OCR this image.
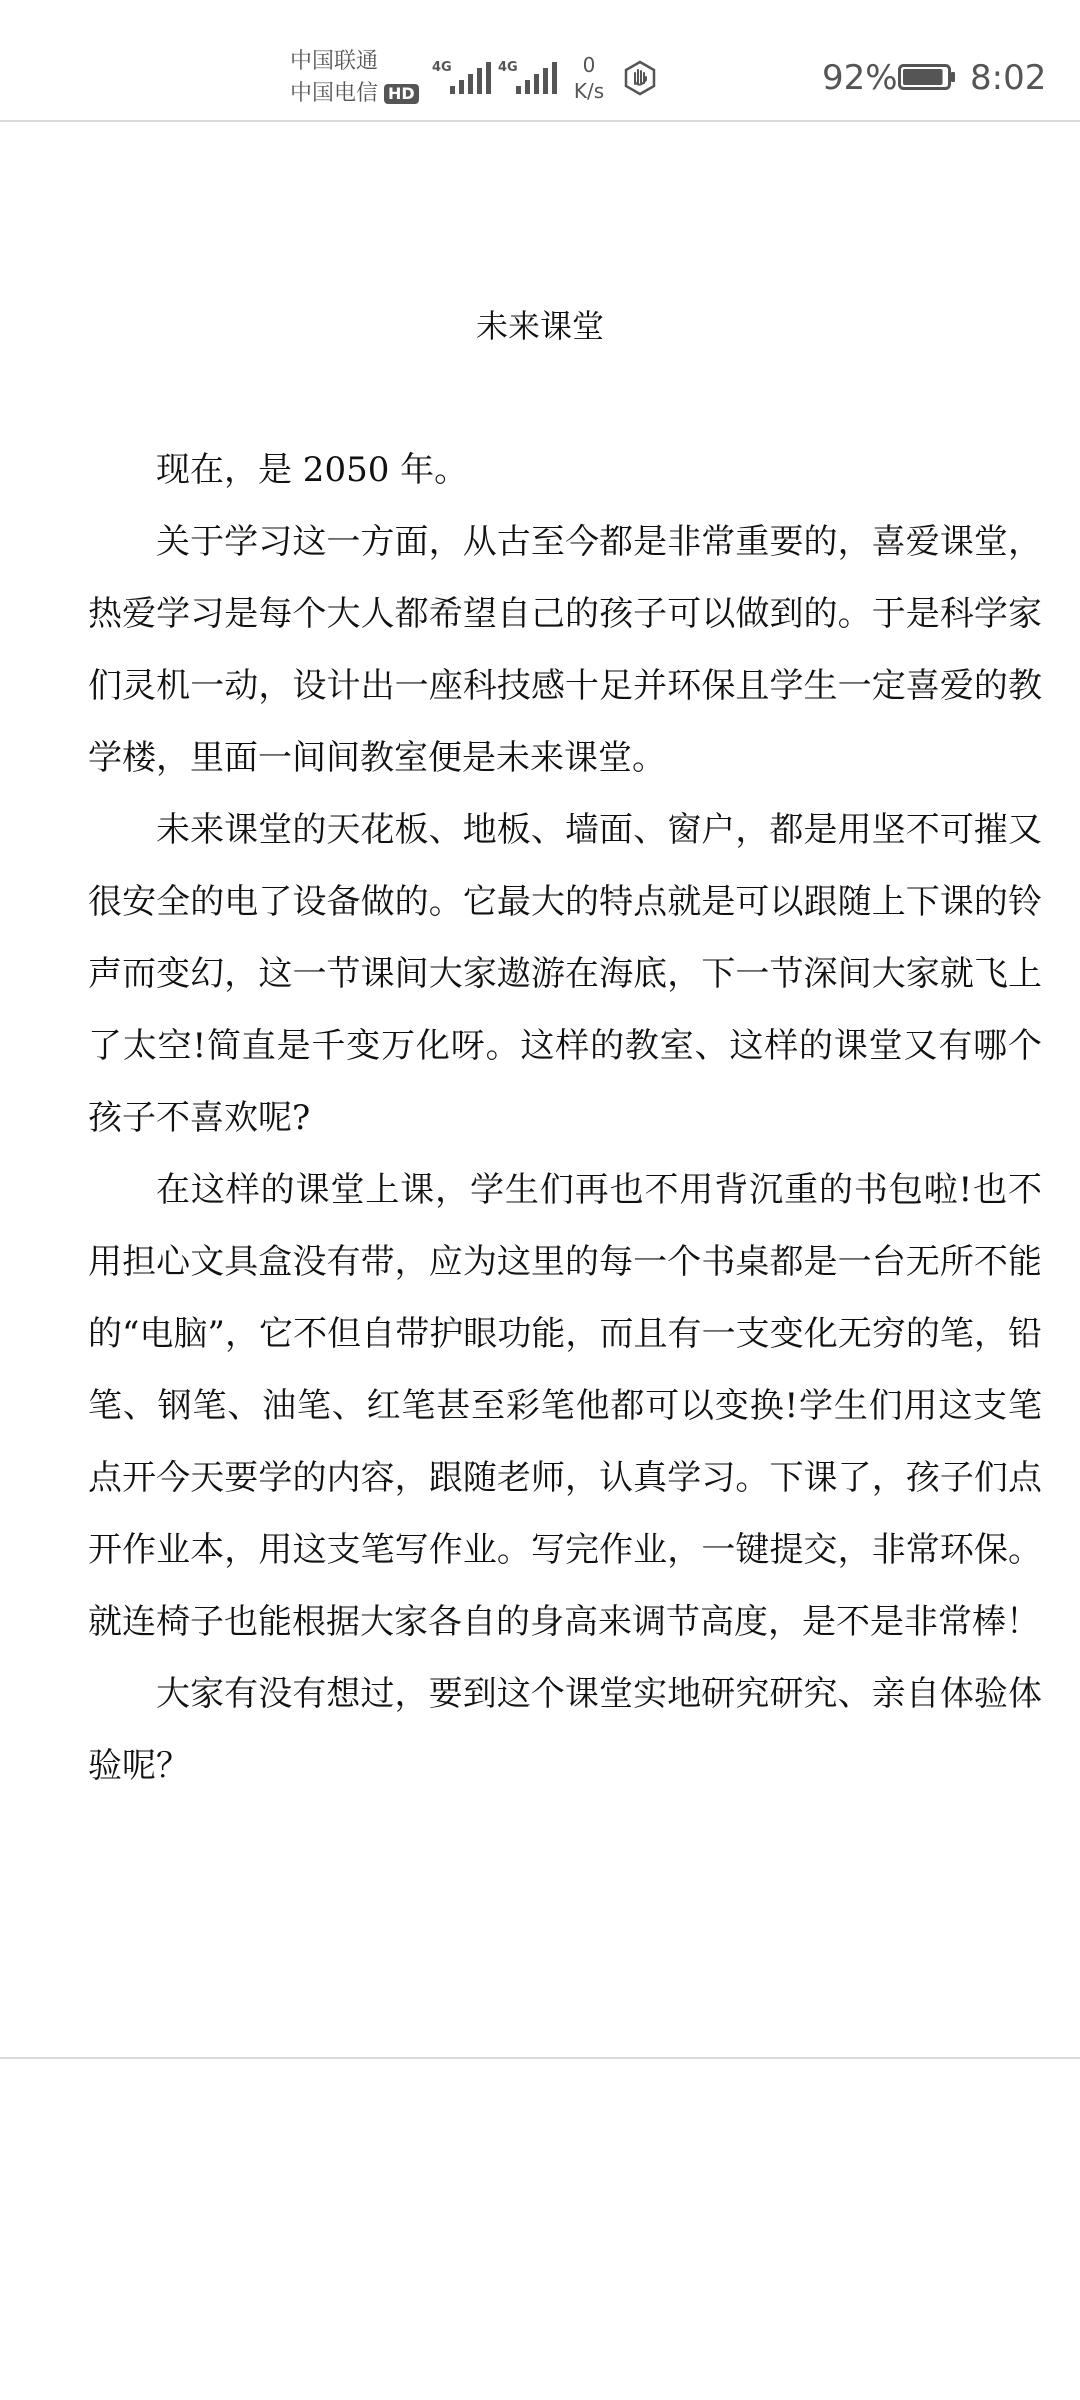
中国联通
中国电信 HD
4G	4G	0
K/s	92% 8:02
未来课堂

现在，是 2050 年。

关于学习这一方面，从古至今都是非常重要的，喜爱课堂，热爱学习是每个大人都希望自己的孩子可以做到的。于是科学家们灵机一动，设计出一座科技感十足并环保且学生一定喜爱的教学楼，里面一间间教室便是未来课堂。

未来课堂的天花板、地板、墙面、窗户，都是用坚不可摧又很安全的电了设备做的。它最大的特点就是可以跟随上下课的铃声而变幻，这一节课间大家遨游在海底，下一节深间大家就飞上了太空!简直是千变万化呀。这样的教室、这样的课堂又有哪个孩子不喜欢呢?

在这样的课堂上课，学生们再也不用背沉重的书包啦!也不用担心文具盒没有带，应为这里的每一个书桌都是一台无所不能的“电脑”，它不但自带护眼功能，而且有一支变化无穷的笔，铅笔、钢笔、油笔、红笔甚至彩笔他都可以变换!学生们用这支笔点开今天要学的内容，跟随老师，认真学习。下课了，孩子们点开作业本，用这支笔写作业。写完作业，一键提交，非常环保。就连椅子也能根据大家各自的身高来调节高度，是不是非常棒！

大家有没有想过，要到这个课堂实地研究研究、亲自体验体验呢？
